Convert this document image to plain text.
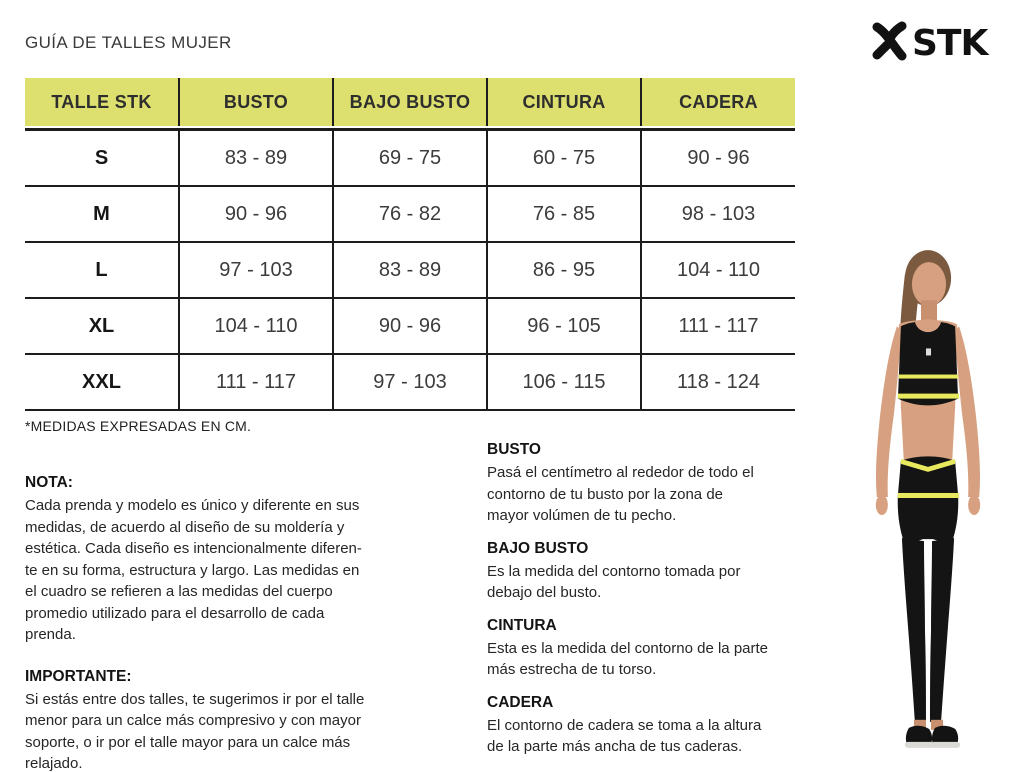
GUÍA DE TALLES MUJER	STK
TALLE STK	BUSTO	BAJO BUSTO	CINTURA	CADERA
S	83 - 89	69 - 75	60 - 75	90 - 96
M	90 - 96	76 - 82	76 - 85	98 - 103
L	97 - 103	83 - 89	86 - 95	104 - 110
XL	104 - 110	90 - 96	96 - 105	111 - 117
XXL	111 - 117	97 - 103	106 - 115	118 - 124
*MEDIDAS EXPRESADAS EN CM.
NOTA:
Cada prenda y modelo es único y diferente en sus
medidas, de acuerdo al diseño de su moldería y
estética. Cada diseño es intencionalmente diferen-
te en su forma, estructura y largo. Las medidas en
el cuadro se refieren a las medidas del cuerpo
promedio utilizado para el desarrollo de cada
prenda.
IMPORTANTE:
Si estás entre dos talles, te sugerimos ir por el talle
menor para un calce más compresivo y con mayor
soporte, o ir por el talle mayor para un calce más
relajado.
BUSTO
Pasá el centímetro al rededor de todo el
contorno de tu busto por la zona de
mayor volúmen de tu pecho.
BAJO BUSTO
Es la medida del contorno tomada por
debajo del busto.
CINTURA
Esta es la medida del contorno de la parte
más estrecha de tu torso.
CADERA
El contorno de cadera se toma a la altura
de la parte más ancha de tus caderas.
